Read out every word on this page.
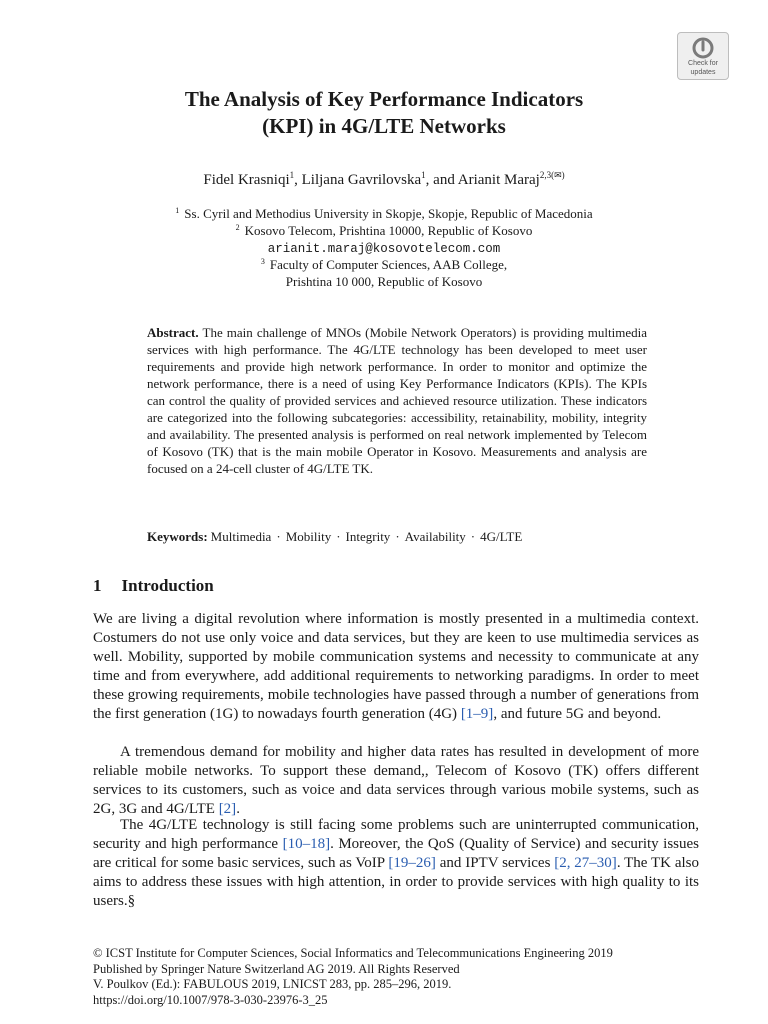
Check for
updates
The Analysis of Key Performance Indicators
(KPI) in 4G/LTE Networks
Fidel Krasniqi$^1$, Liljana Gavrilovska$^1$, and Arianit Maraj$^{2,3(✉)}$
$^1$ Ss. Cyril and Methodius University in Skopje, Skopje, Republic of Macedonia
$^2$ Kosovo Telecom, Prishtina 10000, Republic of Kosovo
arianit.maraj@kosovotelecom.com
$^3$ Faculty of Computer Sciences, AAB College,
Prishtina 10 000, Republic of Kosovo

Abstract. The main challenge of MNOs (Mobile Network Operators) is providing multimedia services with high performance. The 4G/LTE technology has been developed to meet user requirements and provide high network performance. In order to monitor and optimize the network performance, there is a need of using Key Performance Indicators (KPIs). The KPIs can control the quality of provided services and achieved resource utilization. These indicators are categorized into the following subcategories: accessibility, retainability, mobility, integrity and availability. The presented analysis is performed on real network implemented by Telecom of Kosovo (TK) that is the main mobile Operator in Kosovo. Measurements and analysis are focused on a 24-cell cluster of 4G/LTE TK.

Keywords: Multimedia · Mobility · Integrity · Availability · 4G/LTE
1 Introduction

We are living a digital revolution where information is mostly presented in a multimedia context. Costumers do not use only voice and data services, but they are keen to use multimedia services as well. Mobility, supported by mobile communication systems and necessity to communicate at any time and from everywhere, add additional requirements to networking paradigms. In order to meet these growing requirements, mobile technologies have passed through a number of generations from the first generation (1G) to nowadays fourth generation (4G) [1–9], and future 5G and beyond.

A tremendous demand for mobility and higher data rates has resulted in development of more reliable mobile networks. To support these demand,, Telecom of Kosovo (TK) offers different services to its customers, such as voice and data services through various mobile systems, such as 2G, 3G and 4G/LTE [2].

The 4G/LTE technology is still facing some problems such are uninterrupted communication, security and high performance [10–18]. Moreover, the QoS (Quality of Service) and security issues are critical for some basic services, such as VoIP [19–26] and IPTV services [2, 27–30]. The TK also aims to address these issues with high attention, in order to provide services with high quality to its users.§

© ICST Institute for Computer Sciences, Social Informatics and Telecommunications Engineering 2019
Published by Springer Nature Switzerland AG 2019. All Rights Reserved
V. Poulkov (Ed.): FABULOUS 2019, LNICST 283, pp. 285–296, 2019.
https://doi.org/10.1007/978-3-030-23976-3_25
